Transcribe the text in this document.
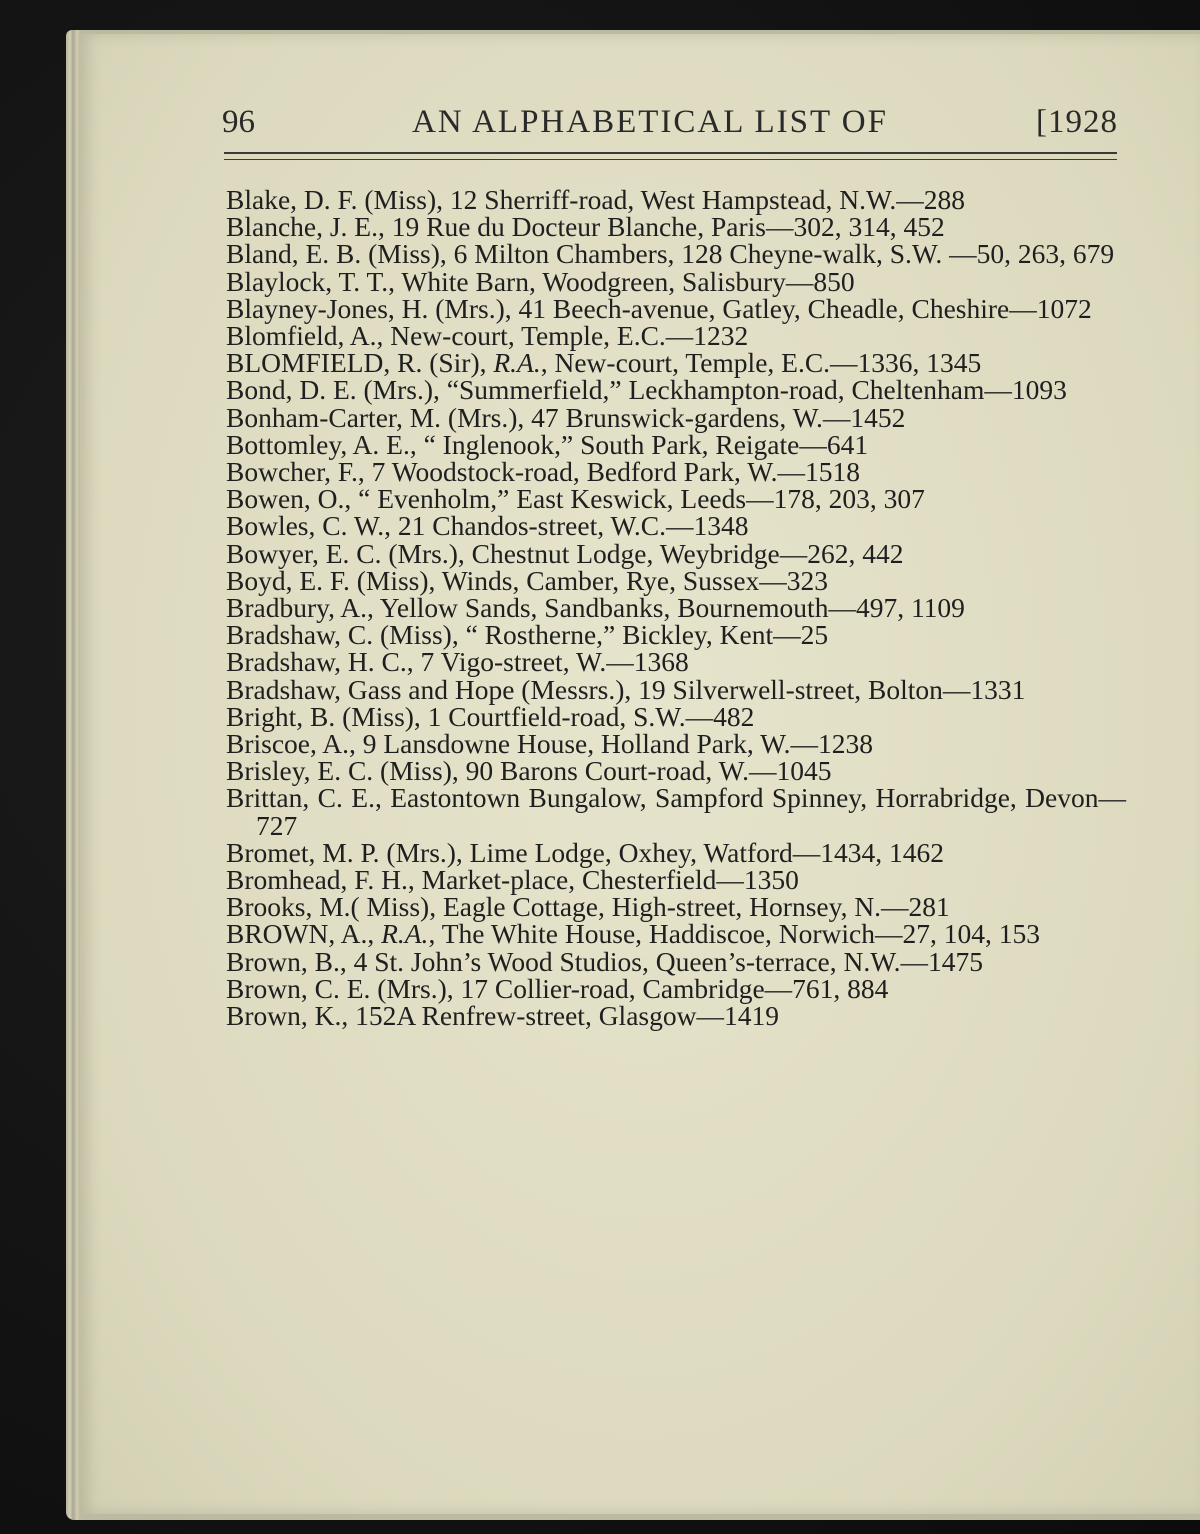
96	AN ALPHABETICAL LIST OF	[1928
Blake, D. F. (Miss), 12 Sherriff-road, West Hampstead, N.W.—288
Blanche, J. E., 19 Rue du Docteur Blanche, Paris—302, 314, 452
Bland, E. B. (Miss), 6 Milton Chambers, 128 Cheyne-walk, S.W. —50, 263, 679
Blaylock, T. T., White Barn, Woodgreen, Salisbury—850
Blayney-Jones, H. (Mrs.), 41 Beech-avenue, Gatley, Cheadle, Cheshire—1072
Blomfield, A., New-court, Temple, E.C.—1232
BLOMFIELD, R. (Sir), R.A., New-court, Temple, E.C.—1336, 1345
Bond, D. E. (Mrs.), “Summerfield,” Leckhampton-road, Cheltenham—1093
Bonham-Carter, M. (Mrs.), 47 Brunswick-gardens, W.—1452
Bottomley, A. E., “ Inglenook,” South Park, Reigate—641
Bowcher, F., 7 Woodstock-road, Bedford Park, W.—1518
Bowen, O., “ Evenholm,” East Keswick, Leeds—178, 203, 307
Bowles, C. W., 21 Chandos-street, W.C.—1348
Bowyer, E. C. (Mrs.), Chestnut Lodge, Weybridge—262, 442
Boyd, E. F. (Miss), Winds, Camber, Rye, Sussex—323
Bradbury, A., Yellow Sands, Sandbanks, Bournemouth—497, 1109
Bradshaw, C. (Miss), “ Rostherne,” Bickley, Kent—25
Bradshaw, H. C., 7 Vigo-street, W.—1368
Bradshaw, Gass and Hope (Messrs.), 19 Silverwell-street, Bolton—1331
Bright, B. (Miss), 1 Courtfield-road, S.W.—482
Briscoe, A., 9 Lansdowne House, Holland Park, W.—1238
Brisley, E. C. (Miss), 90 Barons Court-road, W.—1045
Brittan, C. E., Eastontown Bungalow, Sampford Spinney, Horrabridge, Devon—727
Bromet, M. P. (Mrs.), Lime Lodge, Oxhey, Watford—1434, 1462
Bromhead, F. H., Market-place, Chesterfield—1350
Brooks, M.( Miss), Eagle Cottage, High-street, Hornsey, N.—281
BROWN, A., R.A., The White House, Haddiscoe, Norwich—27, 104, 153
Brown, B., 4 St. John’s Wood Studios, Queen’s-terrace, N.W.—1475
Brown, C. E. (Mrs.), 17 Collier-road, Cambridge—761, 884
Brown, K., 152A Renfrew-street, Glasgow—1419
